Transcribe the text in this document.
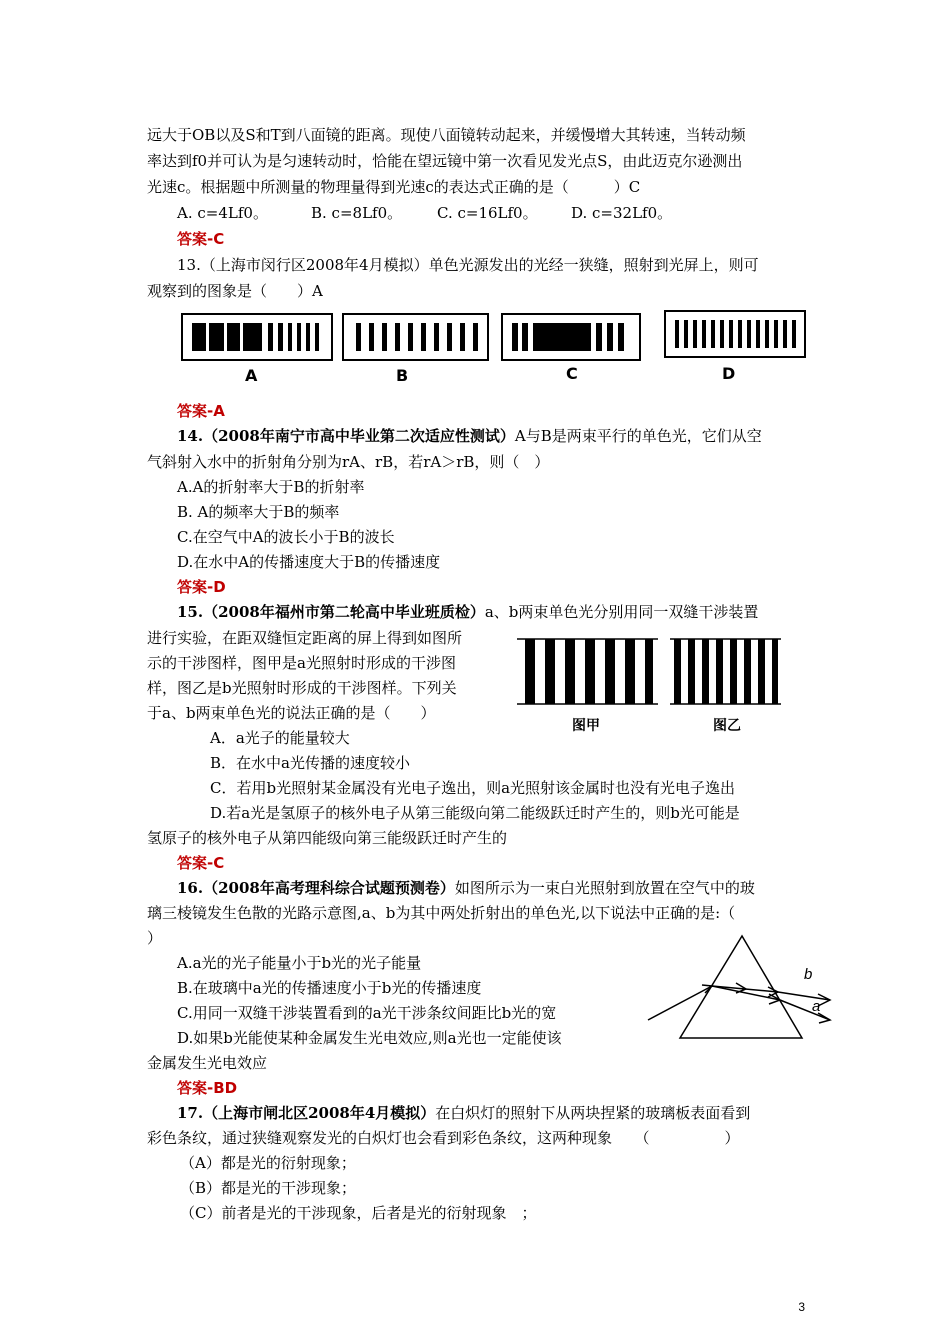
远大于OB以及S和T到八面镜的距离。现使八面镜转动起来，并缓慢增大其转速，当转动频
率达到f0并可认为是匀速转动时，恰能在望远镜中第一次看见发光点S，由此迈克尔逊测出
光速c。根据题中所测量的物理量得到光速c的表达式正确的是（　　　）C
A. c=4Lf0。	B. c=8Lf0。 C. c=16Lf0。 D. c=32Lf0。
答案-C
13.（上海市闵行区2008年4月模拟）单色光源发出的光经一狭缝，照射到光屏上，则可
观察到的图象是（　　）A
A	B	C	D
答案-A
14.（2008年南宁市高中毕业第二次适应性测试）A与B是两束平行的单色光，它们从空
气斜射入水中的折射角分别为rA、rB，若rA＞rB，则（　）
A.A的折射率大于B的折射率
B. A的频率大于B的频率
C.在空气中A的波长小于B的波长
D.在水中A的传播速度大于B的传播速度
答案-D
15.（2008年福州市第二轮高中毕业班质检）a、b两束单色光分别用同一双缝干涉装置
进行实验，在距双缝恒定距离的屏上得到如图所
示的干涉图样，图甲是a光照射时形成的干涉图
样，图乙是b光照射时形成的干涉图样。下列关
于a、b两束单色光的说法正确的是（　　）
图甲	图乙
A．a光子的能量较大
B．在水中a光传播的速度较小
C．若用b光照射某金属没有光电子逸出，则a光照射该金属时也没有光电子逸出
D.若a光是氢原子的核外电子从第三能级向第二能级跃迁时产生的，则b光可能是
氢原子的核外电子从第四能级向第三能级跃迁时产生的
答案-C
16.（2008年高考理科综合试题预测卷）如图所示为一束白光照射到放置在空气中的玻
璃三棱镜发生色散的光路示意图,a、b为其中两处折射出的单色光,以下说法中正确的是:（
）
A.a光的光子能量小于b光的光子能量
B.在玻璃中a光的传播速度小于b光的传播速度
C.用同一双缝干涉装置看到的a光干涉条纹间距比b光的宽
D.如果b光能使某种金属发生光电效应,则a光也一定能使该
金属发生光电效应
b
a
答案-BD
17.（上海市闸北区2008年4月模拟）在白炽灯的照射下从两块捏紧的玻璃板表面看到
彩色条纹，通过狭缝观察发光的白炽灯也会看到彩色条纹，这两种现象　　（　　　　　）
（A）都是光的衍射现象；
（B）都是光的干涉现象；
（C）前者是光的干涉现象，后者是光的衍射现象　；
3
